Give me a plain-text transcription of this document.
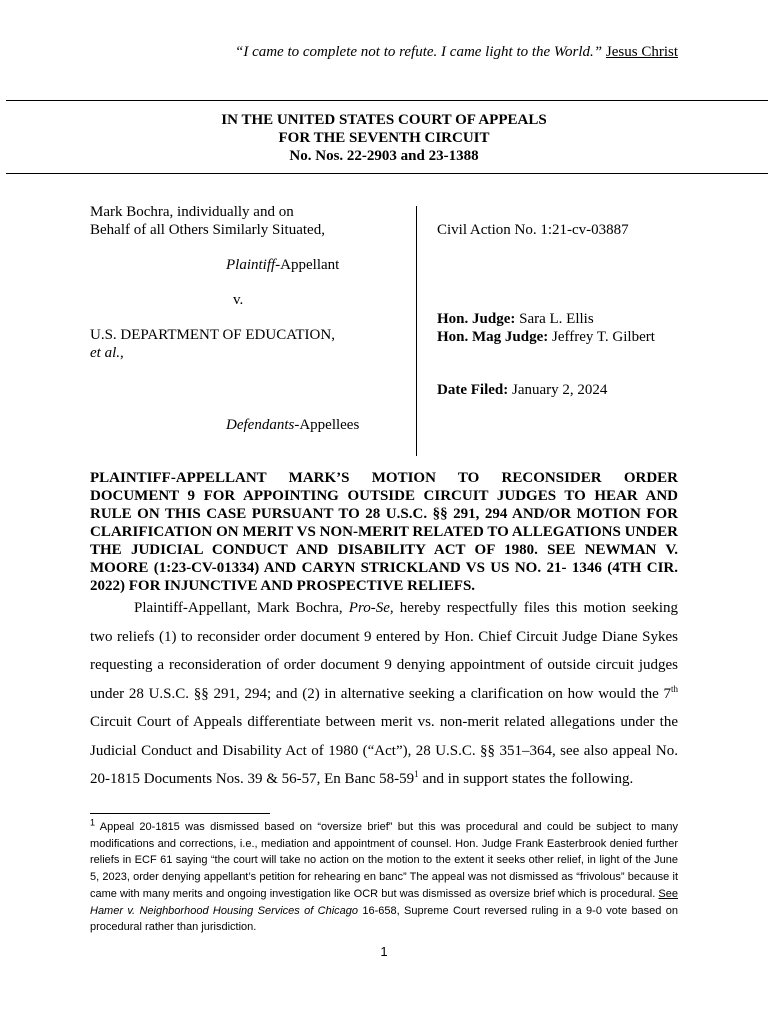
“I came to complete not to refute. I came light to the World.” Jesus Christ
IN THE UNITED STATES COURT OF APPEALS
FOR THE SEVENTH CIRCUIT
No. Nos. 22-2903 and 23-1388
Mark Bochra, individually and on
Behalf of all Others Similarly Situated,
Plaintiff-Appellant
v.
U.S. DEPARTMENT OF EDUCATION,
et al.,
Defendants-Appellees
Civil Action No. 1:21-cv-03887
Hon. Judge: Sara L. Ellis
Hon. Mag Judge: Jeffrey T. Gilbert
Date Filed: January 2, 2024
PLAINTIFF-APPELLANT MARK’S MOTION TO RECONSIDER ORDER DOCUMENT 9 FOR APPOINTING OUTSIDE CIRCUIT JUDGES TO HEAR AND RULE ON THIS CASE PURSUANT TO 28 U.S.C. §§ 291, 294 AND/OR MOTION FOR CLARIFICATION ON MERIT VS NON-MERIT RELATED TO ALLEGATIONS UNDER THE JUDICIAL CONDUCT AND DISABILITY ACT OF 1980. SEE NEWMAN V. MOORE (1:23-CV-01334) AND CARYN STRICKLAND VS US NO. 21- 1346 (4TH CIR. 2022) FOR INJUNCTIVE AND PROSPECTIVE RELIEFS.
Plaintiff-Appellant, Mark Bochra, Pro-Se, hereby respectfully files this motion seeking two reliefs (1) to reconsider order document 9 entered by Hon. Chief Circuit Judge Diane Sykes requesting a reconsideration of order document 9 denying appointment of outside circuit judges under 28 U.S.C. §§ 291, 294; and (2) in alternative seeking a clarification on how would the 7th Circuit Court of Appeals differentiate between merit vs. non-merit related allegations under the Judicial Conduct and Disability Act of 1980 (“Act”), 28 U.S.C. §§ 351–364, see also appeal No. 20-1815 Documents Nos. 39 & 56-57, En Banc $58-59^1$ and in support states the following.
$^1$ Appeal 20-1815 was dismissed based on “oversize brief” but this was procedural and could be subject to many modifications and corrections, i.e., mediation and appointment of counsel. Hon. Judge Frank Easterbrook denied further reliefs in ECF 61 saying “the court will take no action on the motion to the extent it seeks other relief, in light of the June 5, 2023, order denying appellant’s petition for rehearing en banc” The appeal was not dismissed as “frivolous” because it came with many merits and ongoing investigation like OCR but was dismissed as oversize brief which is procedural. See Hamer v. Neighborhood Housing Services of Chicago 16-658, Supreme Court reversed ruling in a 9-0 vote based on procedural rather than jurisdiction.
1
